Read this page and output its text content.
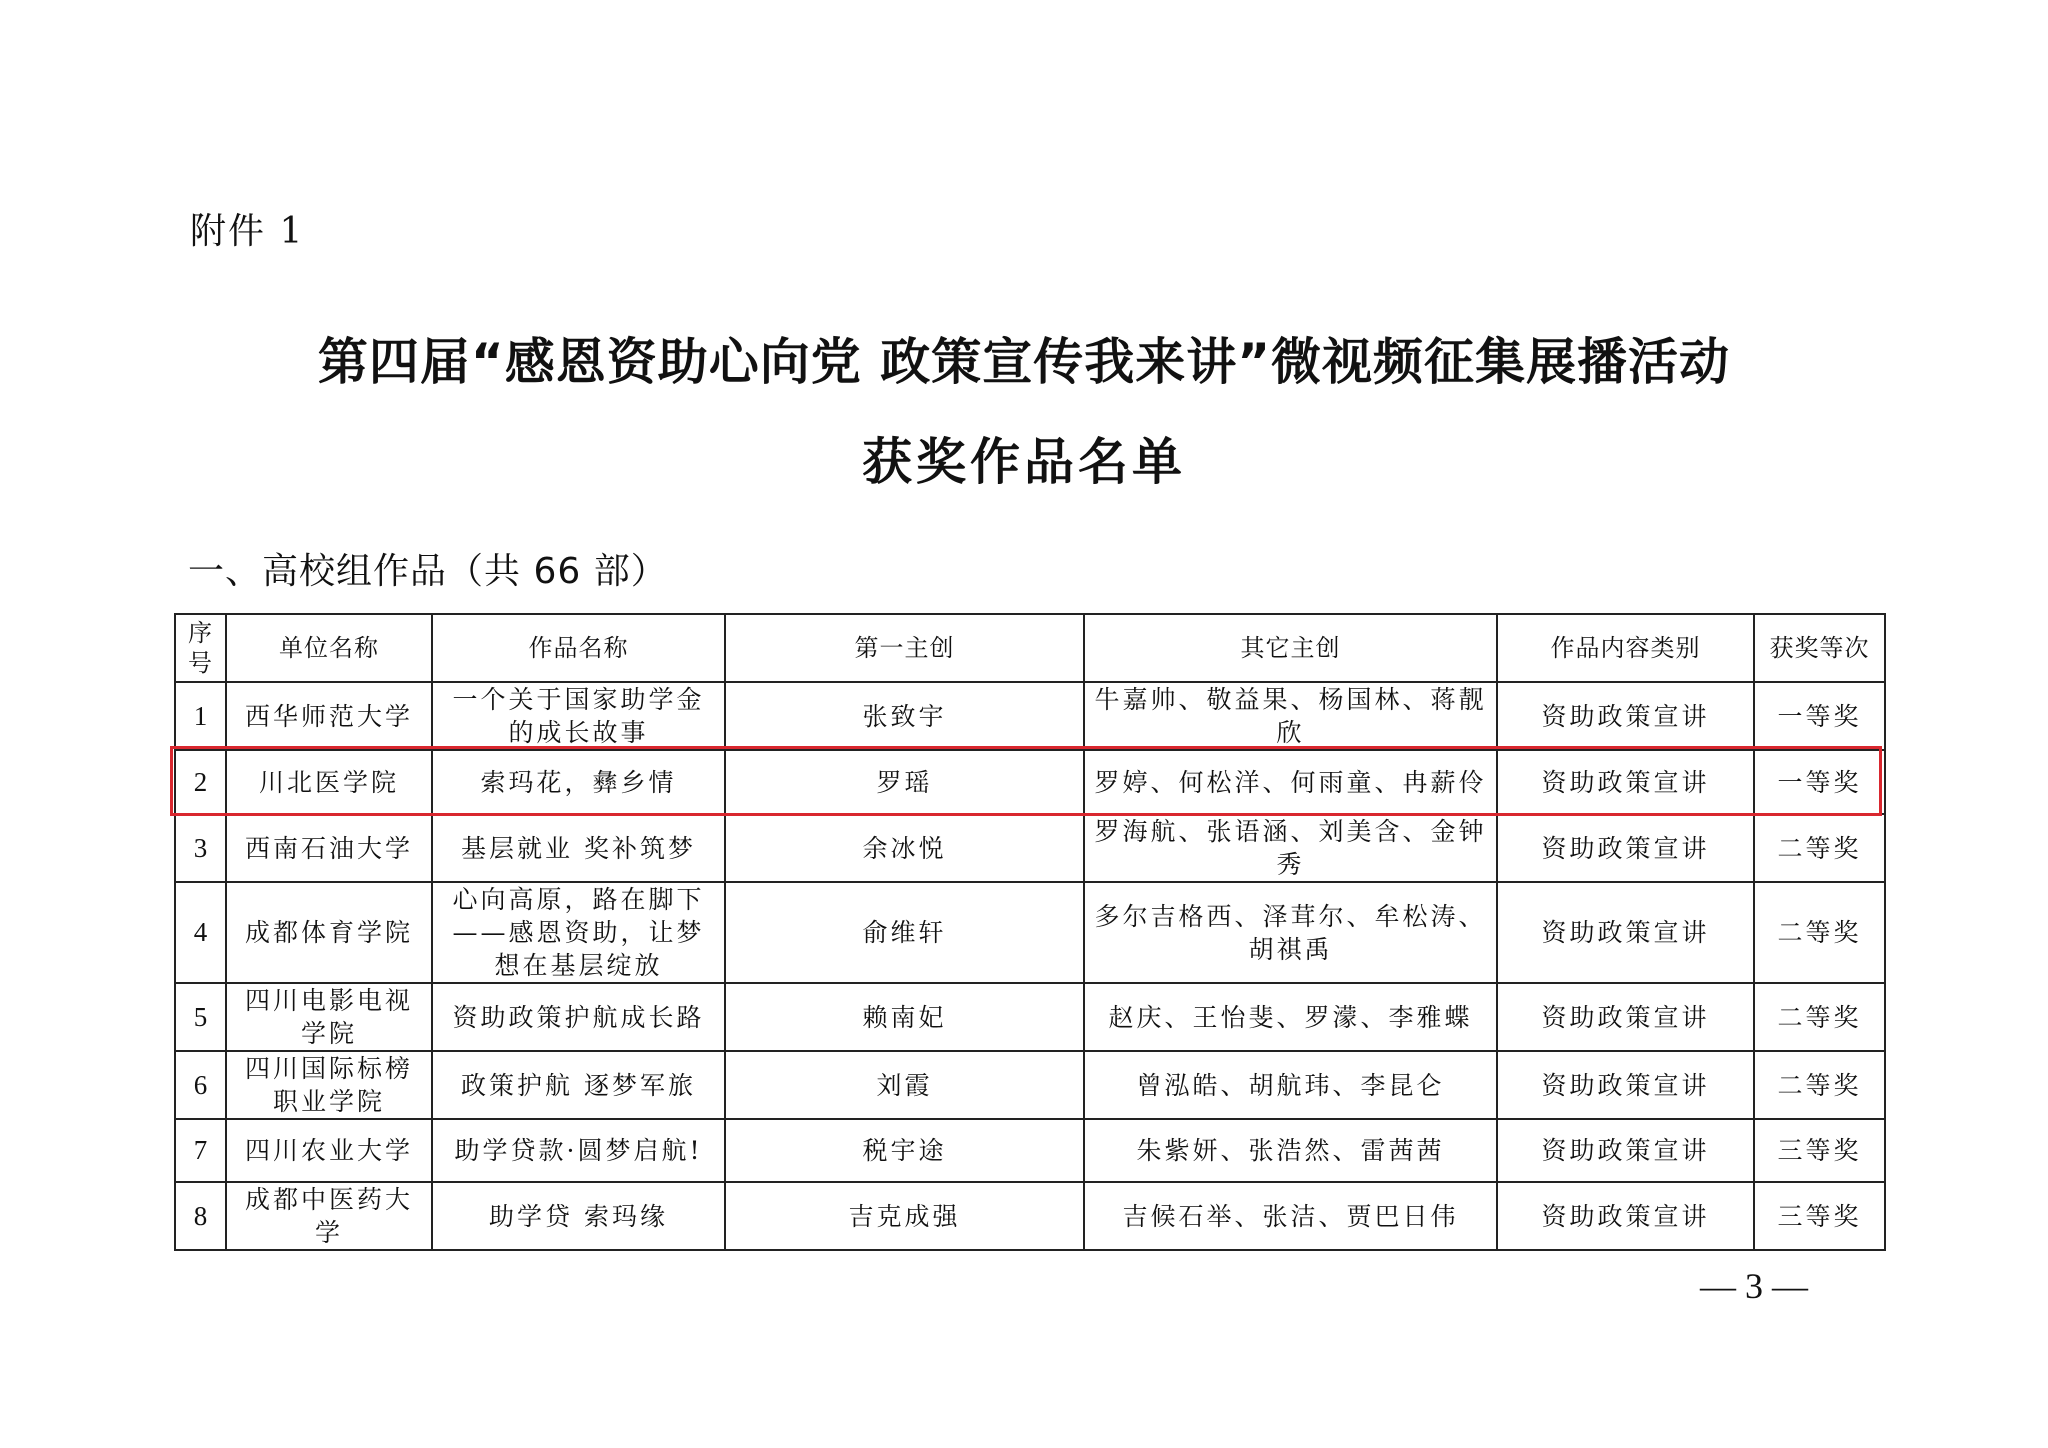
附件 1
第四届“感恩资助心向党 政策宣传我来讲”微视频征集展播活动
获奖作品名单
一、高校组作品（共 66 部）
序号	单位名称	作品名称	第一主创	其它主创	作品内容类别	获奖等次
1	西华师范大学	一个关于国家助学金的成长故事	张致宇	牛嘉帅、敬益果、杨国林、蒋靓欣	资助政策宣讲	一等奖
2	川北医学院	索玛花，彝乡情	罗瑶	罗婷、何松洋、何雨童、冉薪伶	资助政策宣讲	一等奖
3	西南石油大学	基层就业 奖补筑梦	余冰悦	罗海航、张语涵、刘美含、金钟秀	资助政策宣讲	二等奖
4	成都体育学院	心向高原，路在脚下——感恩资助，让梦想在基层绽放	俞维轩	多尔吉格西、泽茸尔、牟松涛、胡祺禹	资助政策宣讲	二等奖
5	四川电影电视学院	资助政策护航成长路	赖南妃	赵庆、王怡斐、罗濛、李雅蝶	资助政策宣讲	二等奖
6	四川国际标榜职业学院	政策护航 逐梦军旅	刘霞	曾泓皓、胡航玮、李昆仑	资助政策宣讲	二等奖
7	四川农业大学	助学贷款·圆梦启航!	税宇途	朱紫妍、张浩然、雷茜茜	资助政策宣讲	三等奖
8	成都中医药大学	助学贷 索玛缘	吉克成强	吉候石举、张洁、贾巴日伟	资助政策宣讲	三等奖
— 3 —
